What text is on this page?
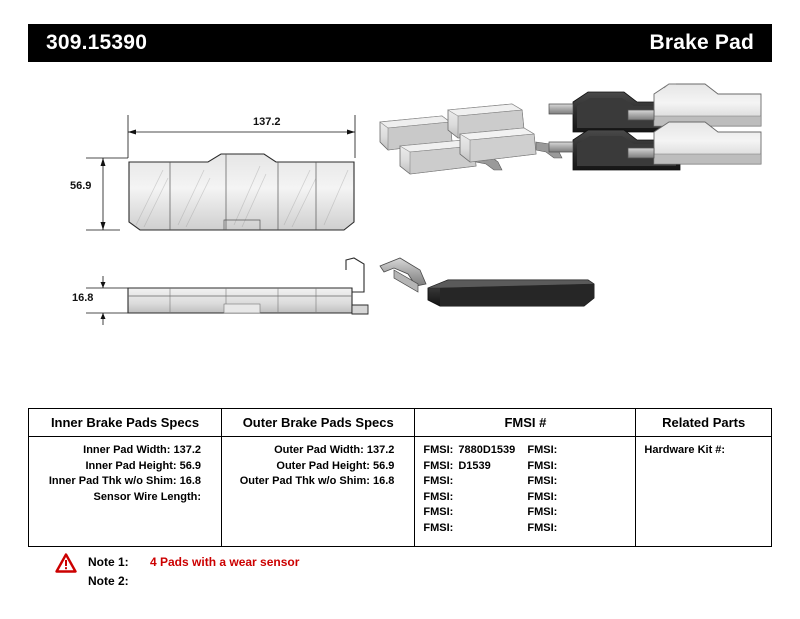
309.15390	Brake Pad
137.2
56.9
16.8
Inner Brake Pads Specs	Outer Brake Pads Specs	FMSI #	Related Parts

Inner Pad Width: 137.2
Inner Pad Height: 56.9
Inner Pad Thk w/o Shim: 16.8
Sensor Wire Length:

Outer Pad Width: 137.2
Outer Pad Height: 56.9
Outer Pad Thk w/o Shim: 16.8

FMSI: 7880D1539	FMSI:
FMSI: D1539	FMSI:
FMSI:	FMSI:
FMSI:	FMSI:
FMSI:	FMSI:
FMSI:	FMSI:

Hardware Kit #:
Note 1:	4 Pads with a wear sensor
Note 2:
